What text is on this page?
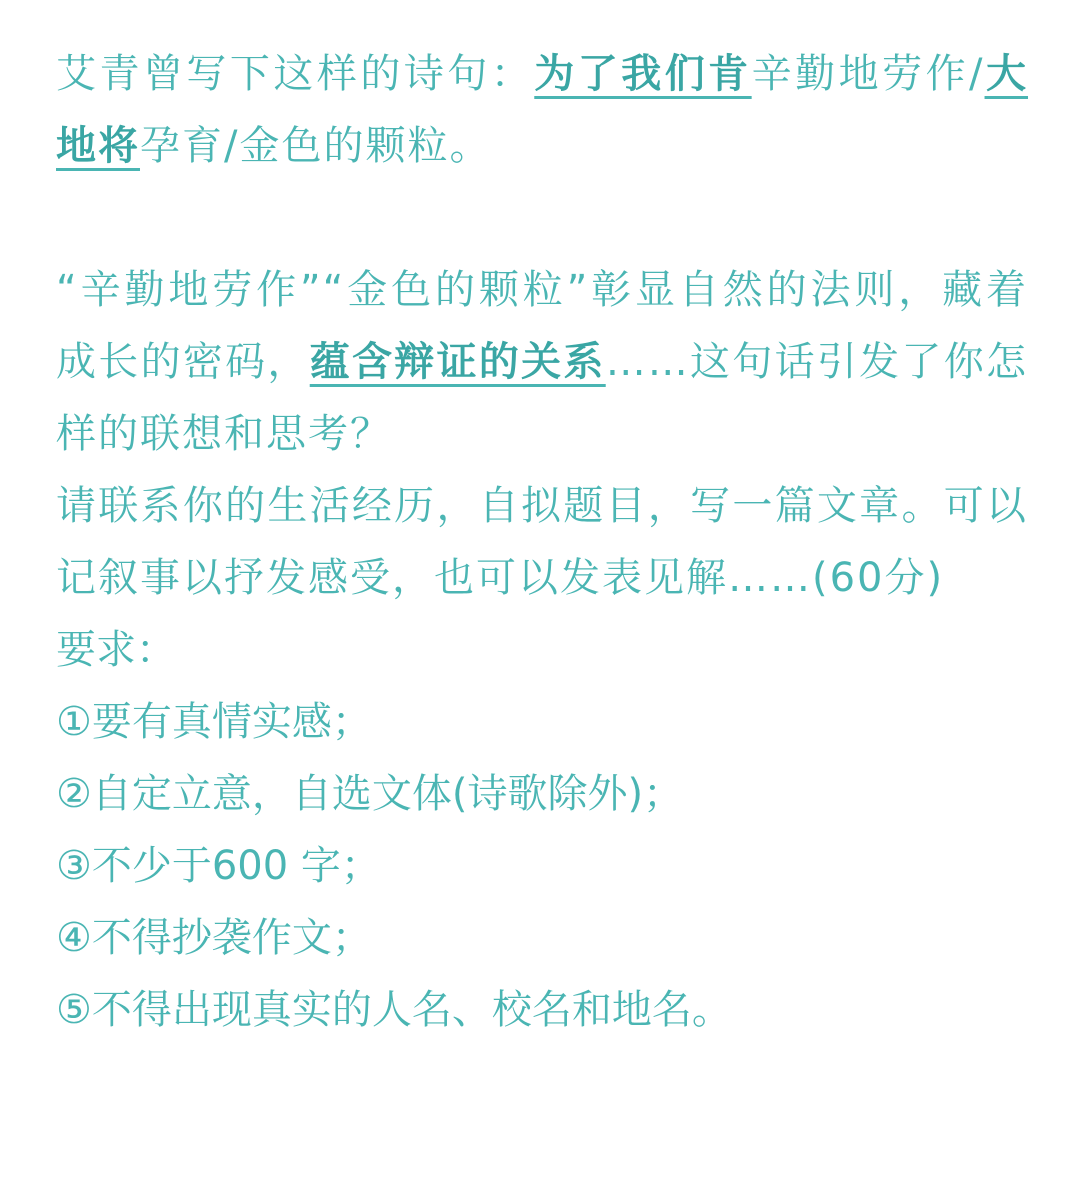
艾青曾写下这样的诗句：为了我们肯辛勤地劳作/大地将孕育/金色的颗粒。

“辛勤地劳作”“金色的颗粒”彰显自然的法则，藏着成长的密码，蕴含辩证的关系……这句话引发了你怎样的联想和思考？

请联系你的生活经历，自拟题目，写一篇文章。可以记叙事以抒发感受，也可以发表见解……(60分)

要求：

①要有真情实感；

②自定立意，自选文体(诗歌除外)；

③不少于600 字；

④不得抄袭作文；

⑤不得出现真实的人名、校名和地名。
